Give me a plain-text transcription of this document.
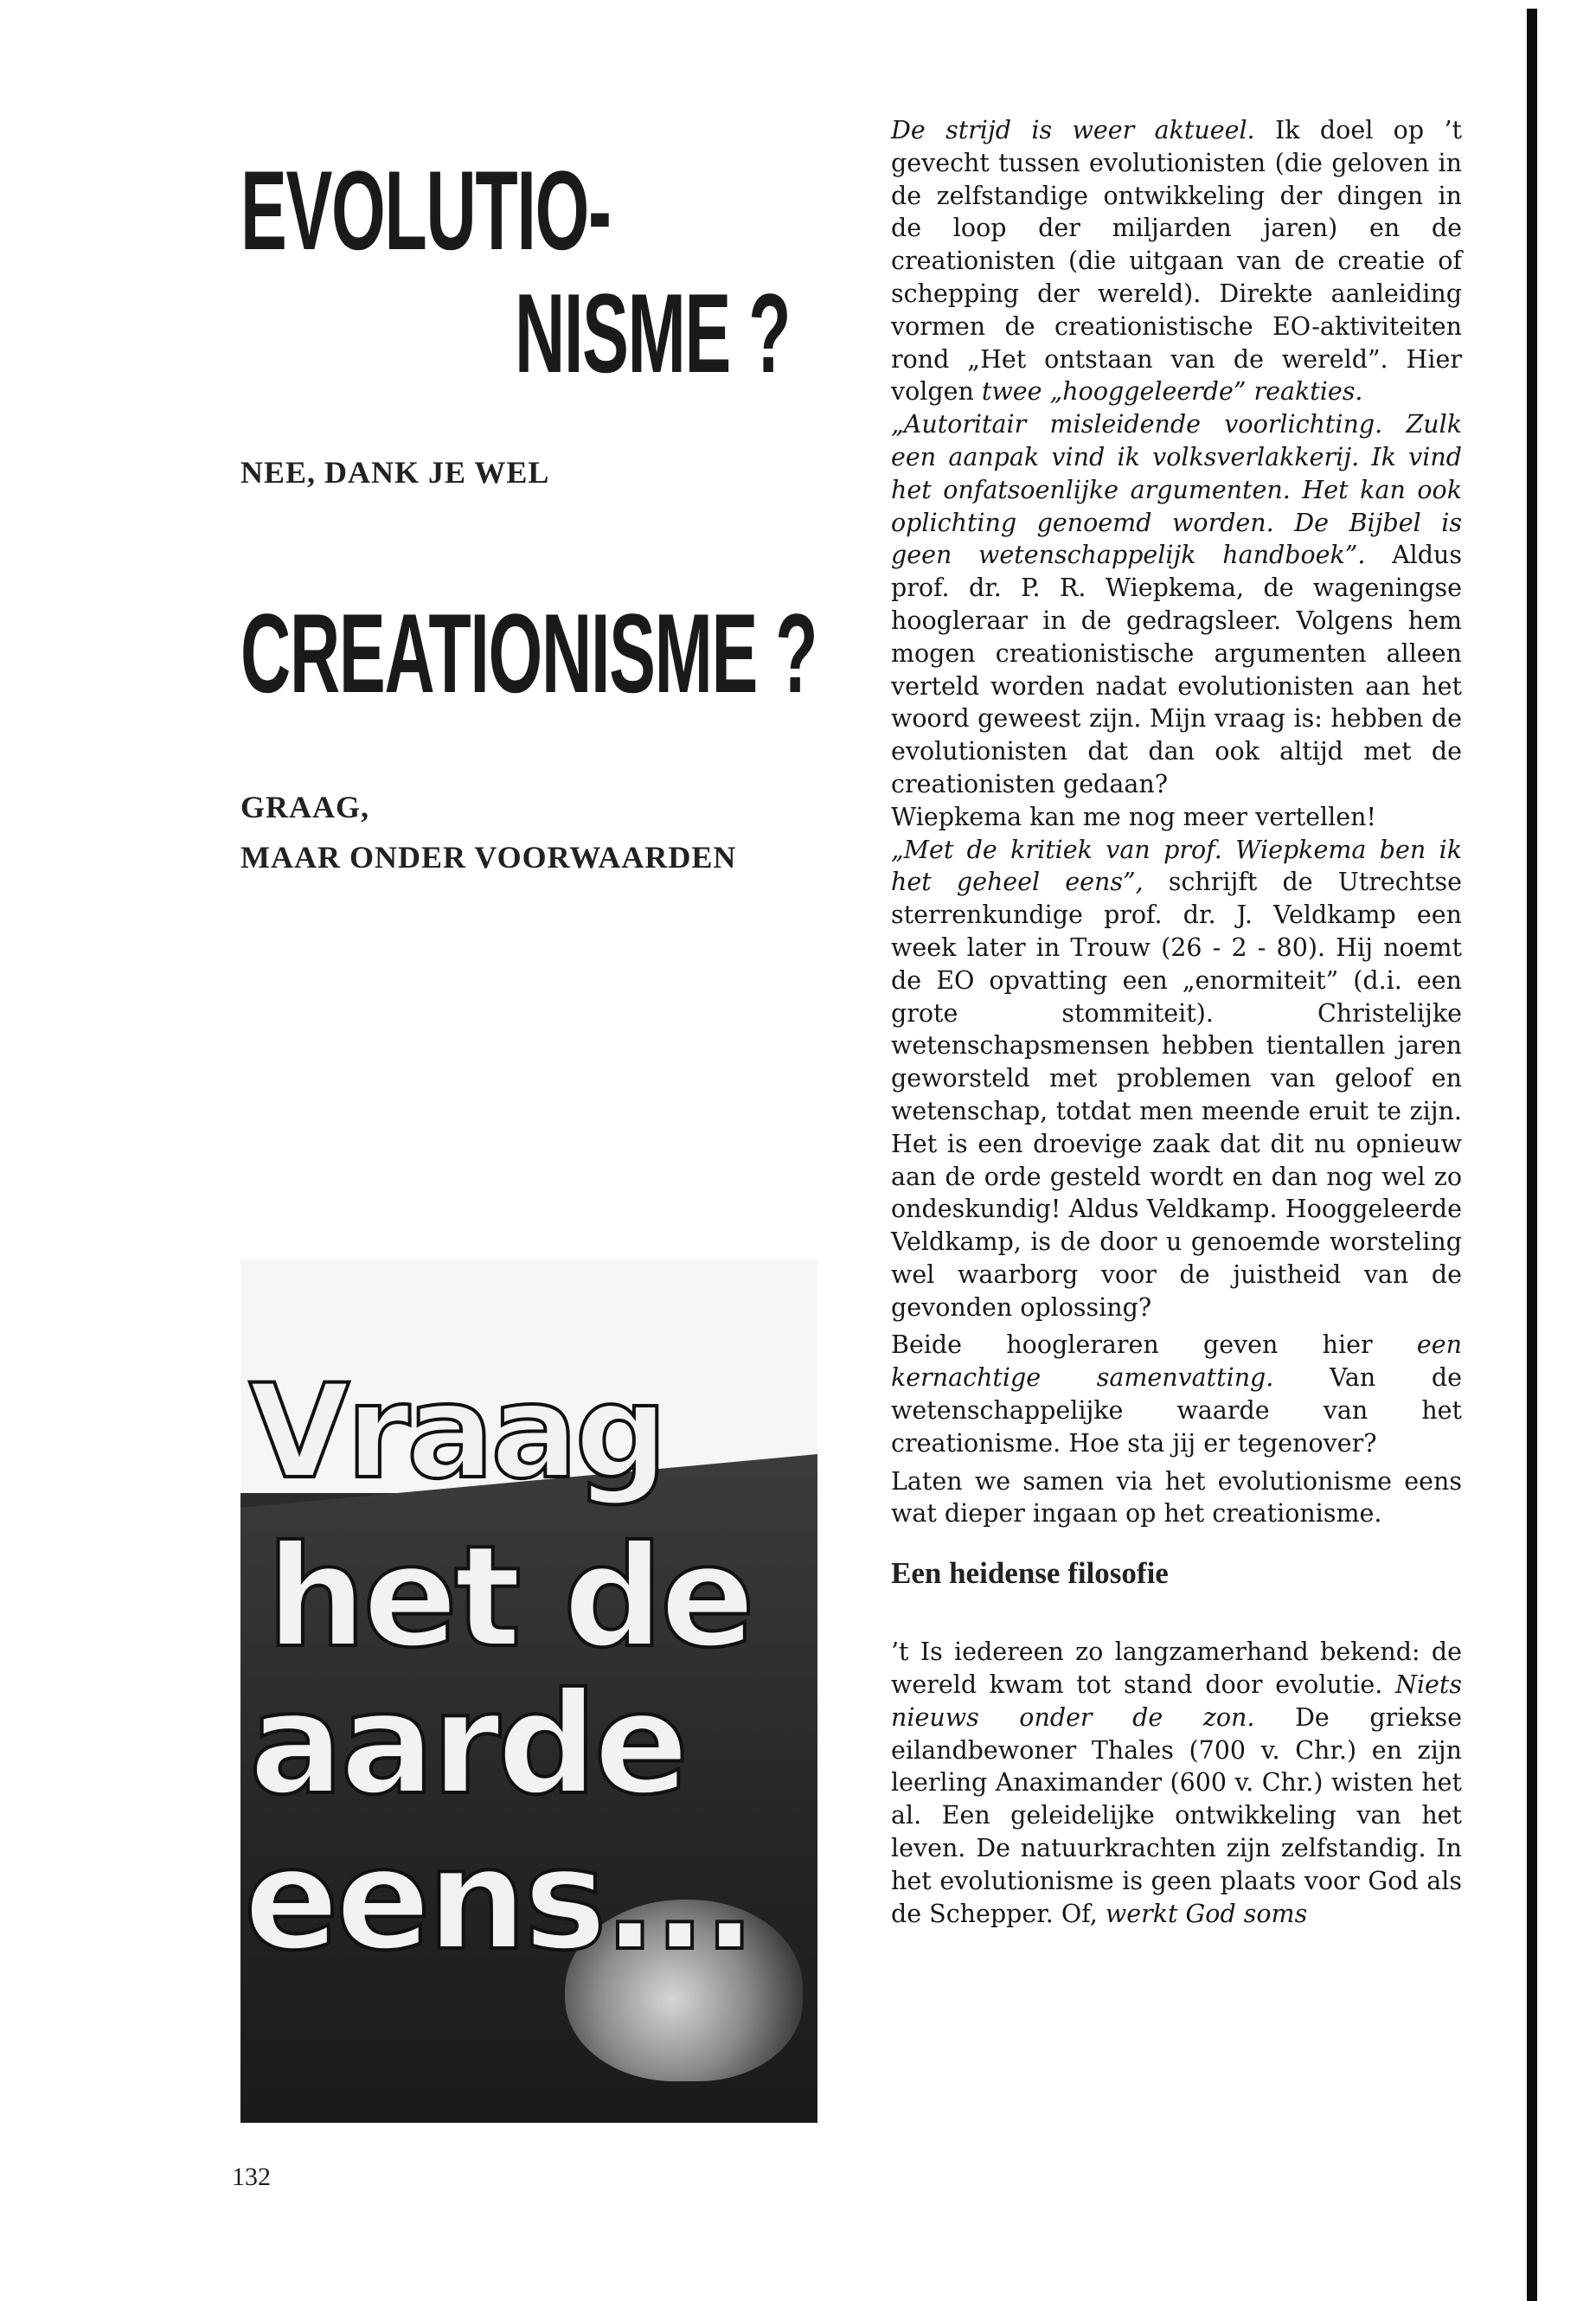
EVOLUTIO-
NISME ?

NEE, DANK JE WEL

CREATIONISME ?

GRAAG,

MAAR ONDER VOORWAARDEN

Vraag

het de

aarde

eens...

132

De strijd is weer aktueel. Ik doel op ’t gevecht tussen evolutionisten (die geloven in de zelfstandige ontwikkeling der dingen in de loop der miljarden jaren) en de creationisten (die uitgaan van de creatie of schepping der wereld). Direkte aanleiding vormen de creationistische EO-aktiviteiten rond „Het ontstaan van de wereld”. Hier volgen twee „hooggeleerde” reakties.

„Autoritair misleidende voorlichting. Zulk een aanpak vind ik volksverlakkerij. Ik vind het onfatsoenlijke argumenten. Het kan ook oplichting genoemd worden. De Bijbel is geen wetenschappelijk handboek”. Aldus prof. dr. P. R. Wiepkema, de wageningse hoogleraar in de gedragsleer. Volgens hem mogen creationistische argumenten alleen verteld worden nadat evolutionisten aan het woord geweest zijn. Mijn vraag is: hebben de evolutionisten dat dan ook altijd met de creationisten gedaan?

Wiepkema kan me nog meer vertellen!

„Met de kritiek van prof. Wiepkema ben ik het geheel eens”, schrijft de Utrechtse sterrenkundige prof. dr. J. Veldkamp een week later in Trouw (26 - 2 - 80). Hij noemt de EO opvatting een „enormiteit” (d.i. een grote stommiteit). Christelijke wetenschapsmensen hebben tientallen jaren geworsteld met problemen van geloof en wetenschap, totdat men meende eruit te zijn. Het is een droevige zaak dat dit nu opnieuw aan de orde gesteld wordt en dan nog wel zo ondeskundig! Aldus Veldkamp. Hooggeleerde Veldkamp, is de door u genoemde worsteling wel waarborg voor de juistheid van de gevonden oplossing?

Beide hoogleraren geven hier een kernachtige samenvatting. Van de wetenschappelijke waarde van het creationisme. Hoe sta jij er tegenover?

Laten we samen via het evolutionisme eens wat dieper ingaan op het creationisme.

Een heidense filosofie

’t Is iedereen zo langzamerhand bekend: de wereld kwam tot stand door evolutie. Niets nieuws onder de zon. De griekse eilandbewoner Thales (700 v. Chr.) en zijn leerling Anaximander (600 v. Chr.) wisten het al. Een geleidelijke ontwikkeling van het leven. De natuurkrachten zijn zelfstandig. In het evolutionisme is geen plaats voor God als de Schepper. Of, werkt God soms
